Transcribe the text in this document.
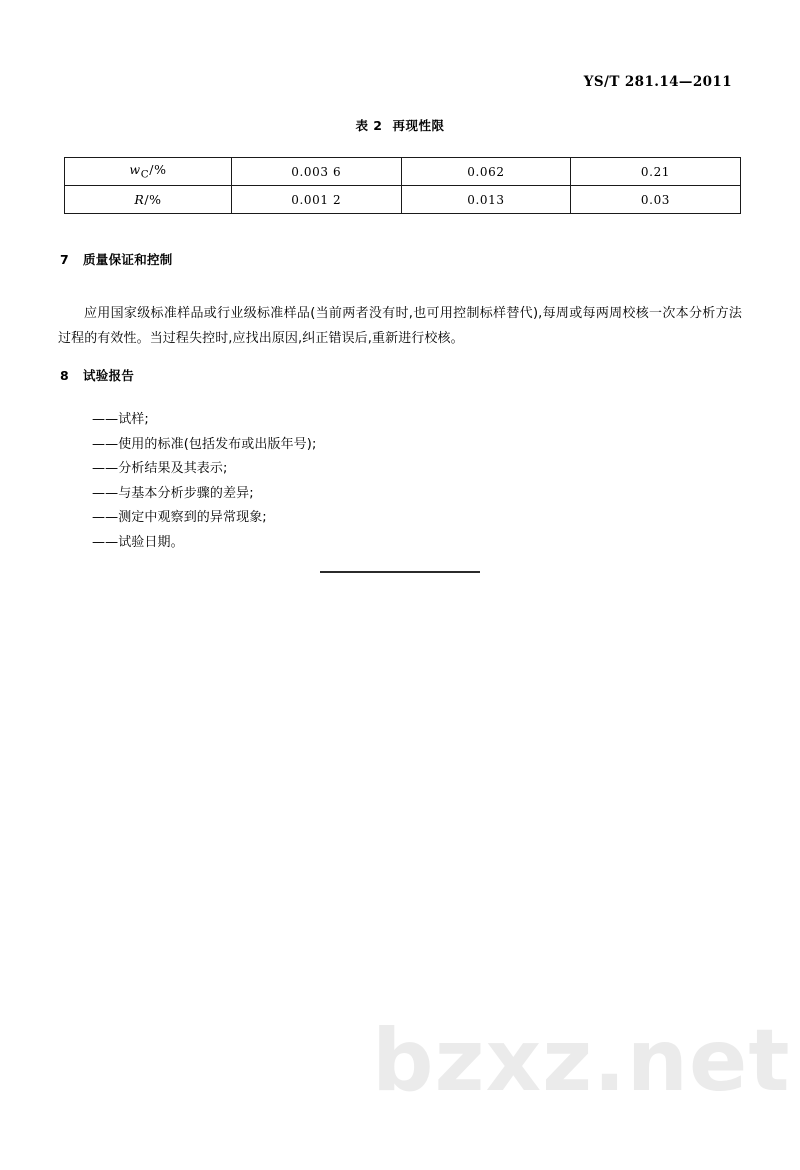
bzxz.net
YS/T 281.14—2011
表 2 再现性限
$w_C/\%$	0.003 6	0.062	0.21
R/%	0.001 2	0.013	0.03
7 质量保证和控制

应用国家级标准样品或行业级标准样品(当前两者没有时,也可用控制标样替代),每周或每两周校核一次本分析方法过程的有效性。当过程失控时,应找出原因,纠正错误后,重新进行校核。

8 试验报告
——试样;
——使用的标准(包括发布或出版年号);
——分析结果及其表示;
——与基本分析步骤的差异;
——测定中观察到的异常现象;
——试验日期。
